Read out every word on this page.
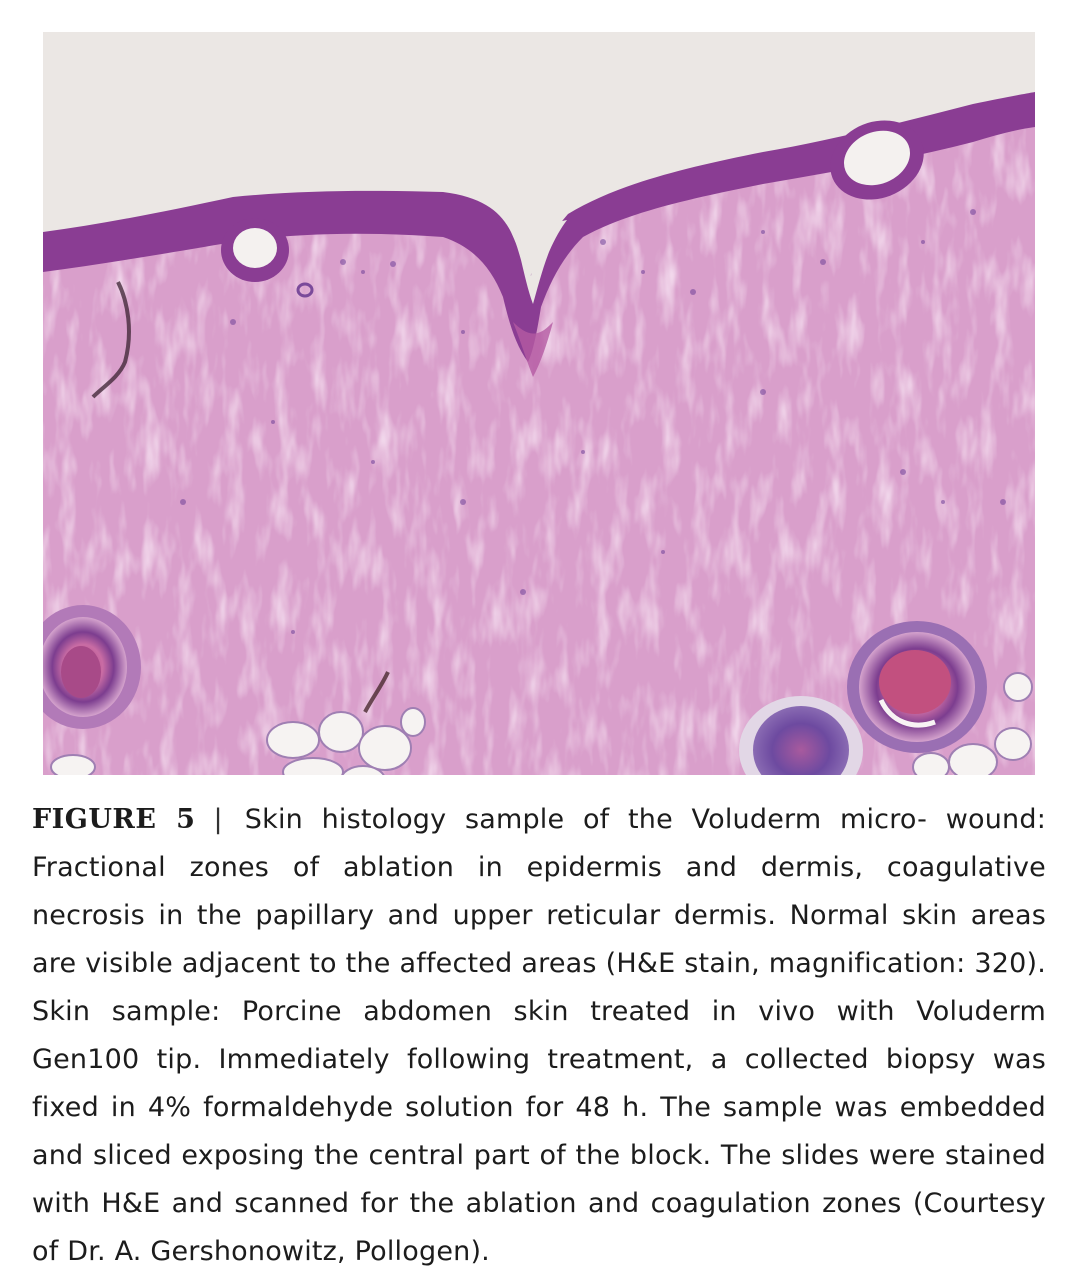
FIGURE 5 | Skin histology sample of the Voluderm micro- wound: Fractional zones of ablation in epidermis and dermis, coagulative necrosis in the papillary and upper reticular dermis. Normal skin areas are visible adjacent to the affected areas (H&E stain, magnification: 320). Skin sample: Porcine abdomen skin treated in vivo with Voluderm Gen100 tip. Immediately following treatment, a collected biopsy was fixed in 4% formaldehyde solution for 48 h. The sample was embedded and sliced exposing the central part of the block. The slides were stained with H&E and scanned for the ablation and coagulation zones (Courtesy of Dr. A. Gershonowitz, Pollogen).
